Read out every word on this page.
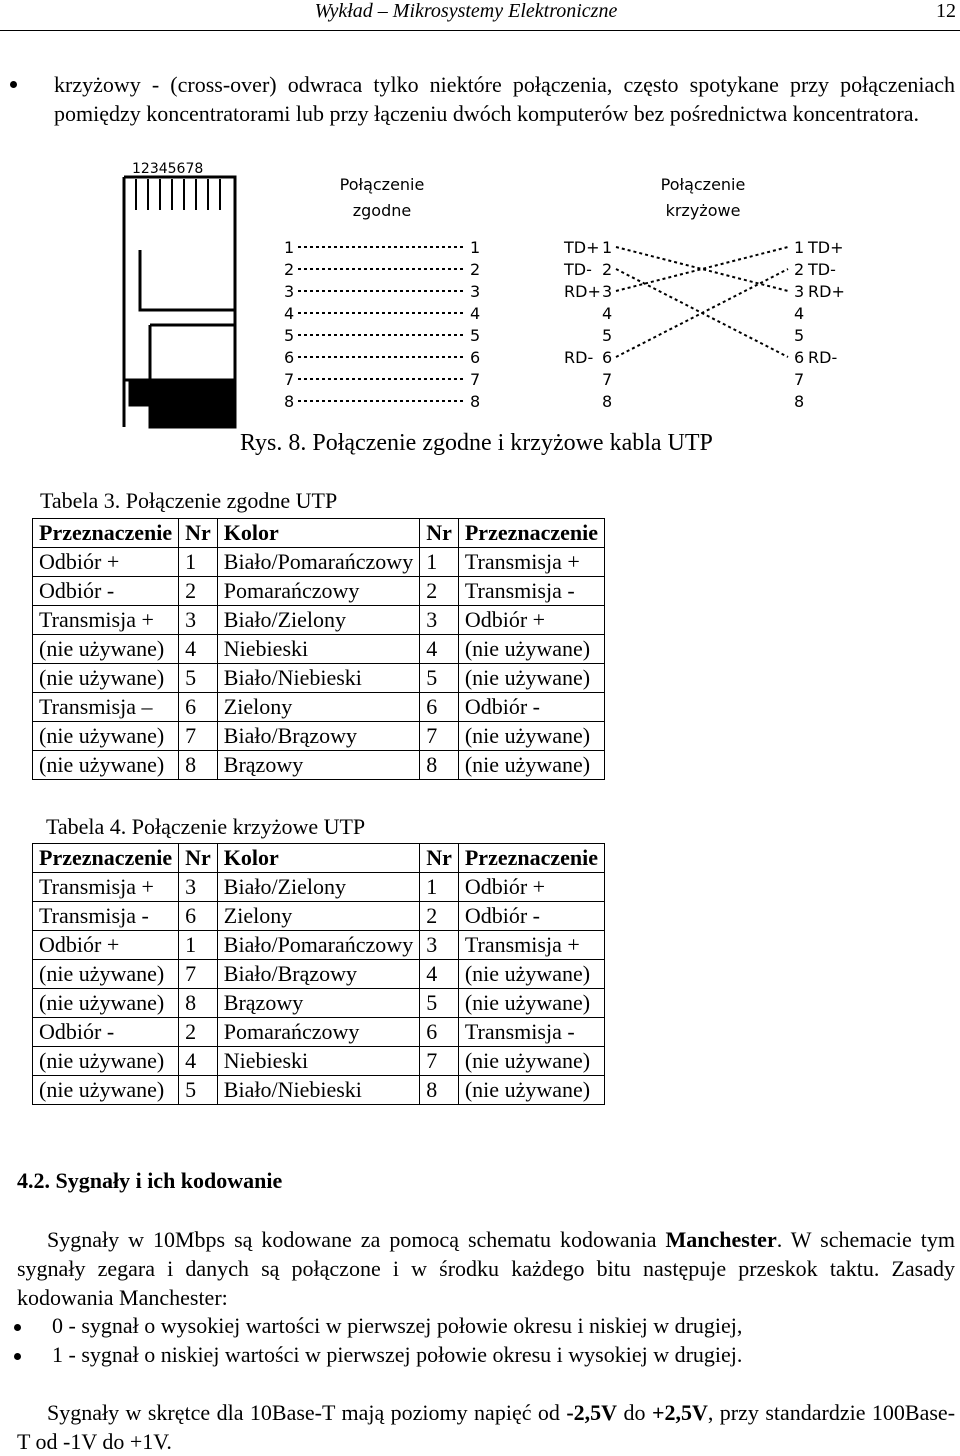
Wykład – Mikrosystemy Elektroniczne	12
krzyżowy - (cross-over) odwraca tylko niektóre połączenia, często spotykane przy połączeniach pomiędzy koncentratorami lub przy łączeniu dwóch komputerów bez pośrednictwa koncentratora.
12345678
Połączenie
zgodne
Połączenie
krzyżowe
1	1
2	2
3	3
4	4
5	5
6	6
7	7
8	8
TD+ 1	1 TD+
TD- 2	2 TD-
RD+ 3	3 RD+
4	4
5	5
RD- 6	6 RD-
7	7
8	8
Rys. 8. Połączenie zgodne i krzyżowe kabla UTP
Tabela 3. Połączenie zgodne UTP
Przeznaczenie	Nr	Kolor	Nr	Przeznaczenie
Odbiór +	1	Biało/Pomarańczowy	1	Transmisja +
Odbiór -	2	Pomarańczowy	2	Transmisja -
Transmisja +	3	Biało/Zielony	3	Odbiór +
(nie używane)	4	Niebieski	4	(nie używane)
(nie używane)	5	Biało/Niebieski	5	(nie używane)
Transmisja –	6	Zielony	6	Odbiór -
(nie używane)	7	Biało/Brązowy	7	(nie używane)
(nie używane)	8	Brązowy	8	(nie używane)
Tabela 4. Połączenie krzyżowe UTP
Przeznaczenie	Nr	Kolor	Nr	Przeznaczenie
Transmisja +	3	Biało/Zielony	1	Odbiór +
Transmisja -	6	Zielony	2	Odbiór -
Odbiór +	1	Biało/Pomarańczowy	3	Transmisja +
(nie używane)	7	Biało/Brązowy	4	(nie używane)
(nie używane)	8	Brązowy	5	(nie używane)
Odbiór -	2	Pomarańczowy	6	Transmisja -
(nie używane)	4	Niebieski	7	(nie używane)
(nie używane)	5	Biało/Niebieski	8	(nie używane)
4.2. Sygnały i ich kodowanie
Sygnały w 10Mbps są kodowane za pomocą schematu kodowania Manchester. W schemacie tym sygnały zegara i danych są połączone i w środku każdego bitu następuje przeskok taktu. Zasady kodowania Manchester:
0 - sygnał o wysokiej wartości w pierwszej połowie okresu i niskiej w drugiej,
1 - sygnał o niskiej wartości w pierwszej połowie okresu i wysokiej w drugiej.
Sygnały w skrętce dla 10Base-T mają poziomy napięć od -2,5V do +2,5V, przy standardzie 100Base-T od -1V do +1V.
